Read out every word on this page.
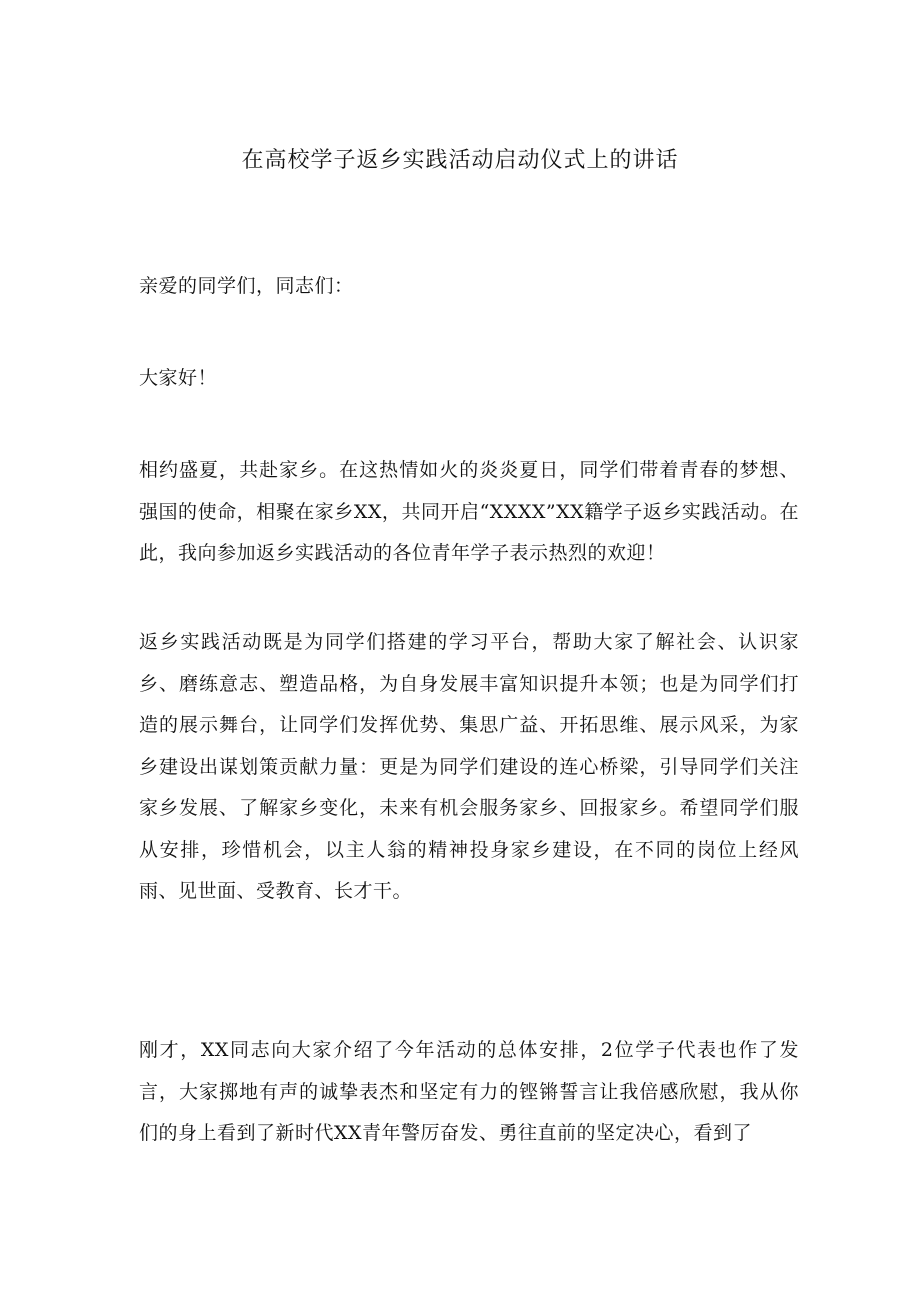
在高校学子返乡实践活动启动仪式上的讲话

亲爱的同学们，同志们：

大家好！

相约盛夏，共赴家乡。在这热情如火的炎炎夏日，同学们带着青春的梦想、强国的使命，相聚在家乡XX，共同开启“XXXX”XX籍学子返乡实践活动。在此，我向参加返乡实践活动的各位青年学子表示热烈的欢迎！

返乡实践活动既是为同学们搭建的学习平台，帮助大家了解社会、认识家乡、磨练意志、塑造品格，为自身发展丰富知识提升本领；也是为同学们打造的展示舞台，让同学们发挥优势、集思广益、开拓思维、展示风采，为家乡建设出谋划策贡献力量：更是为同学们建设的连心桥梁，引导同学们关注家乡发展、了解家乡变化，未来有机会服务家乡、回报家乡。希望同学们服从安排，珍惜机会，以主人翁的精神投身家乡建设，在不同的岗位上经风雨、见世面、受教育、长才干。

刚才，XX同志向大家介绍了今年活动的总体安排，2位学子代表也作了发言，大家掷地有声的诚挚表杰和坚定有力的铿锵誓言让我倍感欣慰，我从你们的身上看到了新时代XX青年警厉奋发、勇往直前的坚定决心，看到了
